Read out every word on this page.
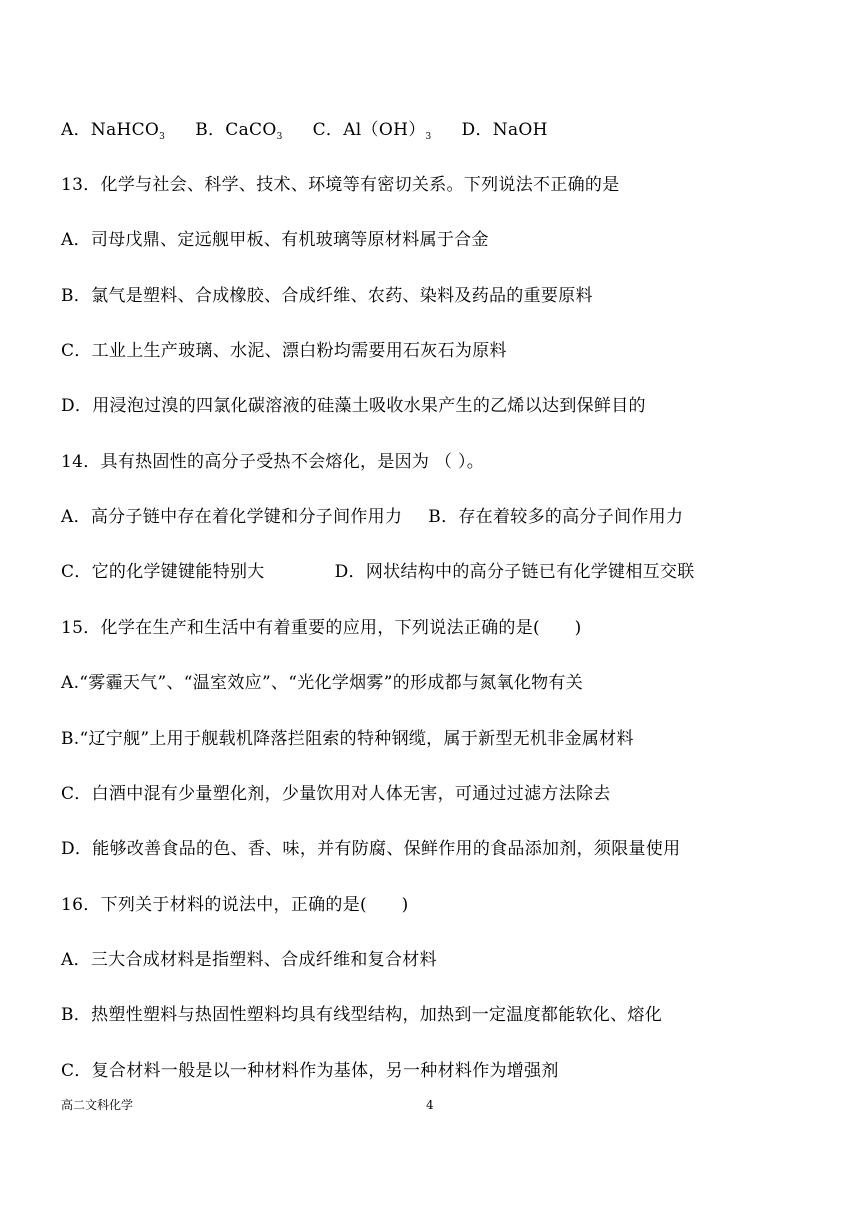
A．NaHCO$_3$ B．CaCO$_3$ C．$Al(OH)_3$ D．NaOH
13．化学与社会、科学、技术、环境等有密切关系。下列说法不正确的是
A．司母戊鼎、定远舰甲板、有机玻璃等原材料属于合金
B．氯气是塑料、合成橡胶、合成纤维、农药、染料及药品的重要原料
C．工业上生产玻璃、水泥、漂白粉均需要用石灰石为原料
D．用浸泡过溴的四氯化碳溶液的硅藻土吸收水果产生的乙烯以达到保鲜目的
14．具有热固性的高分子受热不会熔化，是因为 （ ）。
A．高分子链中存在着化学键和分子间作用力 B．存在着较多的高分子间作用力
C．它的化学键键能特别大	D．网状结构中的高分子链已有化学键相互交联
15．化学在生产和生活中有着重要的应用，下列说法正确的是(　　)
A.“雾霾天气”、“温室效应”、“光化学烟雾”的形成都与氮氧化物有关
B.“辽宁舰”上用于舰载机降落拦阻索的特种钢缆，属于新型无机非金属材料
C．白酒中混有少量塑化剂，少量饮用对人体无害，可通过过滤方法除去
D．能够改善食品的色、香、味，并有防腐、保鲜作用的食品添加剂，须限量使用
16．下列关于材料的说法中，正确的是(　　)
A．三大合成材料是指塑料、合成纤维和复合材料
B．热塑性塑料与热固性塑料均具有线型结构，加热到一定温度都能软化、熔化
C．复合材料一般是以一种材料作为基体，另一种材料作为增强剂
高二文科化学	4
